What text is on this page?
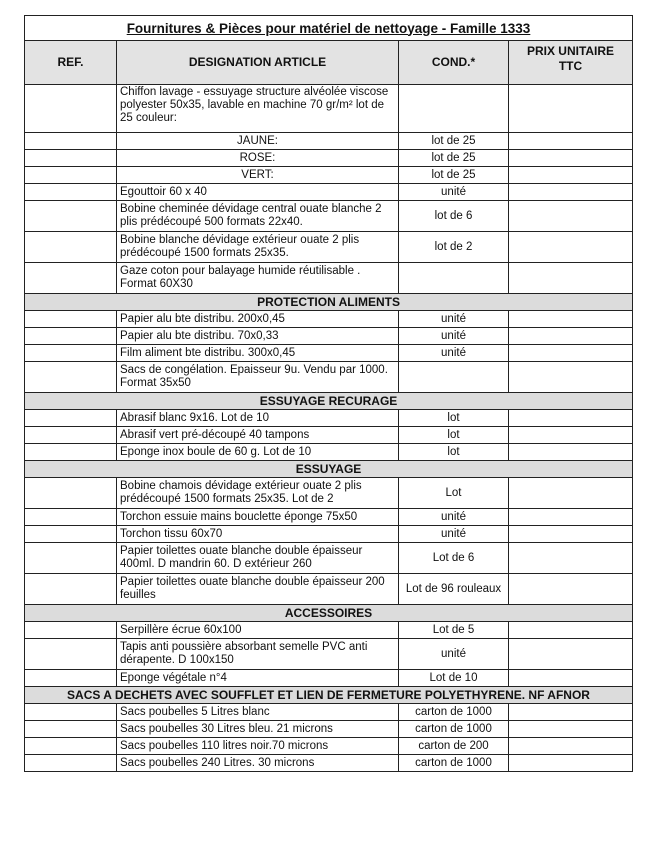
Fournitures & Pièces pour matériel de nettoyage - Famille 1333			
REF.	DESIGNATION ARTICLE	COND.*	PRIX UNITAIRE
TTC
	Chiffon lavage - essuyage structure alvéolée viscose polyester 50x35, lavable en machine 70 gr/m² lot de 25 couleur:		
	JAUNE:	lot de 25	
	ROSE:	lot de 25	
	VERT:	lot de 25	
	Egouttoir 60 x 40	unité	
	Bobine cheminée dévidage central ouate blanche 2 plis prédécoupé 500 formats 22x40.	lot de 6	
	Bobine blanche dévidage extérieur ouate 2 plis prédécoupé 1500 formats 25x35.	lot de 2	
	Gaze coton pour balayage humide réutilisable . Format 60X30		
PROTECTION ALIMENTS			
	Papier alu bte distribu. 200x0,45	unité	
	Papier alu bte distribu. 70x0,33	unité	
	Film aliment bte distribu. 300x0,45	unité	
	Sacs de congélation. Epaisseur 9u. Vendu par 1000. Format 35x50		
ESSUYAGE RECURAGE			
	Abrasif blanc 9x16. Lot de 10	lot	
	Abrasif vert pré-découpé 40 tampons	lot	
	Eponge inox boule de 60 g. Lot de 10	lot	
ESSUYAGE			
	Bobine chamois dévidage extérieur ouate 2 plis prédécoupé 1500 formats 25x35. Lot de 2	Lot	
	Torchon essuie mains bouclette éponge 75x50	unité	
	Torchon tissu 60x70	unité	
	Papier toilettes ouate blanche double épaisseur 400ml. D mandrin 60. D extérieur 260	Lot de 6	
	Papier toilettes ouate blanche double épaisseur 200 feuilles	Lot de 96 rouleaux	
ACCESSOIRES			
	Serpillère écrue 60x100	Lot de 5	
	Tapis anti poussière absorbant semelle PVC anti dérapente. D 100x150	unité	
	Eponge végétale n°4	Lot de 10	
SACS A DECHETS AVEC SOUFFLET ET LIEN DE FERMETURE POLYETHYRENE. NF AFNOR			
	Sacs poubelles 5 Litres blanc	carton de 1000	
	Sacs poubelles 30 Litres bleu. 21 microns	carton de 1000	
	Sacs poubelles 110 litres noir.70 microns	carton de 200	
	Sacs poubelles 240 Litres. 30 microns	carton de 1000	
